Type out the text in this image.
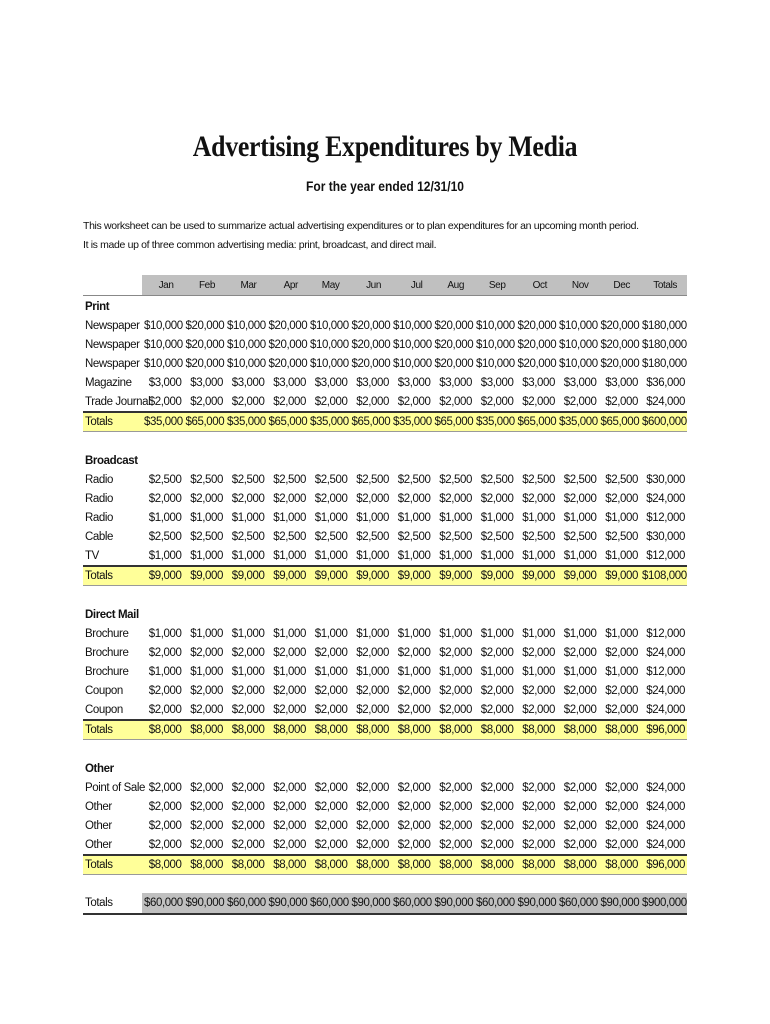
Advertising Expenditures by Media
For the year ended 12/31/10
This worksheet can be used to summarize actual advertising expenditures or to plan expenditures for an upcoming month period.
It is made up of three common advertising media: print, broadcast, and direct mail.
	Jan	Feb	Mar	Apr	May	Jun	Jul	Aug	Sep	Oct	Nov	Dec	Totals
Print													
Newspaper	$10,000	$20,000	$10,000	$20,000	$10,000	$20,000	$10,000	$20,000	$10,000	$20,000	$10,000	$20,000	$180,000
Newspaper	$10,000	$20,000	$10,000	$20,000	$10,000	$20,000	$10,000	$20,000	$10,000	$20,000	$10,000	$20,000	$180,000
Newspaper	$10,000	$20,000	$10,000	$20,000	$10,000	$20,000	$10,000	$20,000	$10,000	$20,000	$10,000	$20,000	$180,000
Magazine	$3,000	$3,000	$3,000	$3,000	$3,000	$3,000	$3,000	$3,000	$3,000	$3,000	$3,000	$3,000	$36,000
Trade Journal	$2,000	$2,000	$2,000	$2,000	$2,000	$2,000	$2,000	$2,000	$2,000	$2,000	$2,000	$2,000	$24,000
Totals	$35,000	$65,000	$35,000	$65,000	$35,000	$65,000	$35,000	$65,000	$35,000	$65,000	$35,000	$65,000	$600,000

Broadcast													
Radio	$2,500	$2,500	$2,500	$2,500	$2,500	$2,500	$2,500	$2,500	$2,500	$2,500	$2,500	$2,500	$30,000
Radio	$2,000	$2,000	$2,000	$2,000	$2,000	$2,000	$2,000	$2,000	$2,000	$2,000	$2,000	$2,000	$24,000
Radio	$1,000	$1,000	$1,000	$1,000	$1,000	$1,000	$1,000	$1,000	$1,000	$1,000	$1,000	$1,000	$12,000
Cable	$2,500	$2,500	$2,500	$2,500	$2,500	$2,500	$2,500	$2,500	$2,500	$2,500	$2,500	$2,500	$30,000
TV	$1,000	$1,000	$1,000	$1,000	$1,000	$1,000	$1,000	$1,000	$1,000	$1,000	$1,000	$1,000	$12,000
Totals	$9,000	$9,000	$9,000	$9,000	$9,000	$9,000	$9,000	$9,000	$9,000	$9,000	$9,000	$9,000	$108,000

Direct Mail													
Brochure	$1,000	$1,000	$1,000	$1,000	$1,000	$1,000	$1,000	$1,000	$1,000	$1,000	$1,000	$1,000	$12,000
Brochure	$2,000	$2,000	$2,000	$2,000	$2,000	$2,000	$2,000	$2,000	$2,000	$2,000	$2,000	$2,000	$24,000
Brochure	$1,000	$1,000	$1,000	$1,000	$1,000	$1,000	$1,000	$1,000	$1,000	$1,000	$1,000	$1,000	$12,000
Coupon	$2,000	$2,000	$2,000	$2,000	$2,000	$2,000	$2,000	$2,000	$2,000	$2,000	$2,000	$2,000	$24,000
Coupon	$2,000	$2,000	$2,000	$2,000	$2,000	$2,000	$2,000	$2,000	$2,000	$2,000	$2,000	$2,000	$24,000
Totals	$8,000	$8,000	$8,000	$8,000	$8,000	$8,000	$8,000	$8,000	$8,000	$8,000	$8,000	$8,000	$96,000

Other													
Point of Sale	$2,000	$2,000	$2,000	$2,000	$2,000	$2,000	$2,000	$2,000	$2,000	$2,000	$2,000	$2,000	$24,000
Other	$2,000	$2,000	$2,000	$2,000	$2,000	$2,000	$2,000	$2,000	$2,000	$2,000	$2,000	$2,000	$24,000
Other	$2,000	$2,000	$2,000	$2,000	$2,000	$2,000	$2,000	$2,000	$2,000	$2,000	$2,000	$2,000	$24,000
Other	$2,000	$2,000	$2,000	$2,000	$2,000	$2,000	$2,000	$2,000	$2,000	$2,000	$2,000	$2,000	$24,000
Totals	$8,000	$8,000	$8,000	$8,000	$8,000	$8,000	$8,000	$8,000	$8,000	$8,000	$8,000	$8,000	$96,000

Totals	$60,000	$90,000	$60,000	$90,000	$60,000	$90,000	$60,000	$90,000	$60,000	$90,000	$60,000	$90,000	$900,000
